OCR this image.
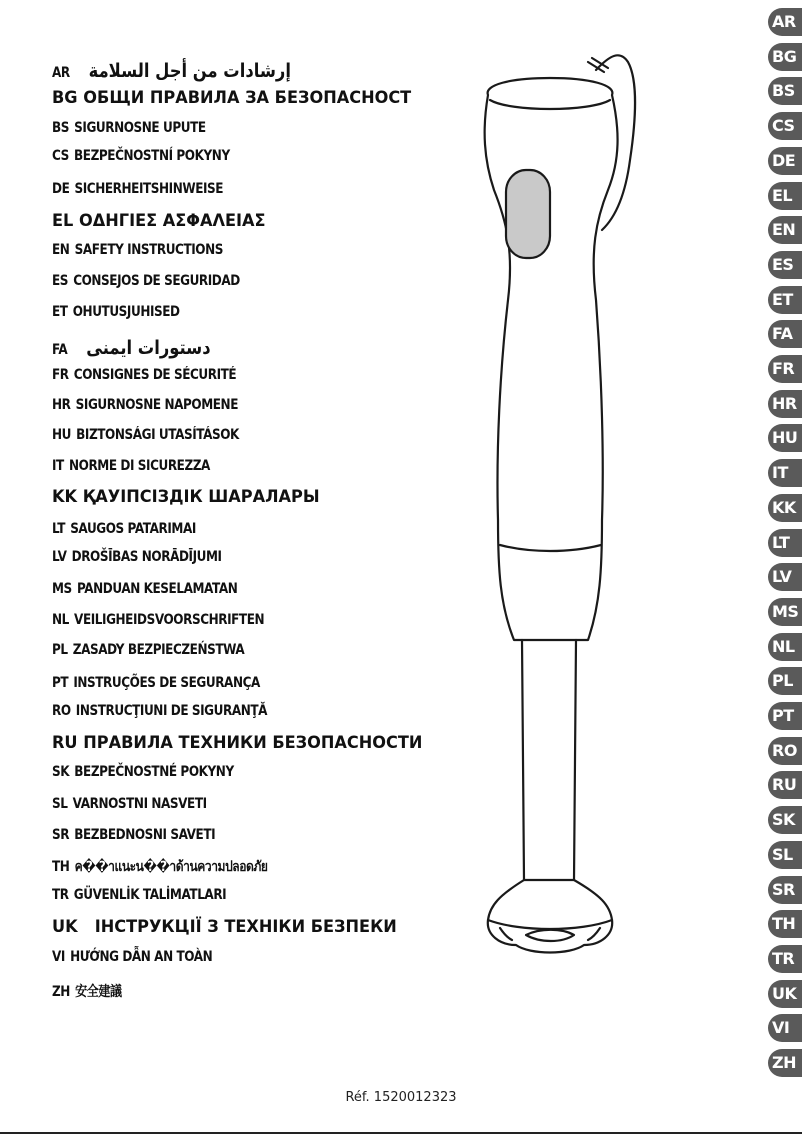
AR إرشادات من أجل السلامة
BG ОБЩИ ПРАВИЛА ЗА БЕЗОПАСНОСТ
BS SIGURNOSNE UPUTE
CS BEZPEČNOSTNÍ POKYNY
DE SICHERHEITSHINWEISE
EL ΟΔΗΓΙΕΣ ΑΣΦΑΛΕΙΑΣ
EN SAFETY INSTRUCTIONS
ES CONSEJOS DE SEGURIDAD
ET OHUTUSJUHISED
FA دستورات ایمنی
FR CONSIGNES DE SÉCURITÉ
HR SIGURNOSNE NAPOMENE
HU BIZTONSÁGI UTASÍTÁSOK
IT NORME DI SICUREZZA
KK ҚАУІПСІЗДІК ШАРАЛАРЫ
LT SAUGOS PATARIMAI
LV DROŠĪBAS NORĀDĪJUMI
MS PANDUAN KESELAMATAN
NL VEILIGHEIDSVOORSCHRIFTEN
PL ZASADY BEZPIECZEŃSTWA
PT INSTRUÇÕES DE SEGURANÇA
RO INSTRUCŢIUNI DE SIGURANŢĂ
RU ПРАВИЛА ТЕХНИКИ БЕЗОПАСНОСТИ
SK BEZPEČNOSTNÉ POKYNY
SL VARNOSTNI NASVETI
SR BEZBEDNOSNI SAVETI
TH ค��าแนะน��าด้านความปลอดภัย
TR GÜVENLİK TALİMATLARI
UK ІНСТРУКЦІЇ З ТЕХНІКИ БЕЗПЕКИ
VI HƯỚNG DẪN AN TOÀN
ZH 安全建議
AR
BG
BS
CS
DE
EL
EN
ES
ET
FA
FR
HR
HU
IT
KK
LT
LV
MS
NL
PL
PT
RO
RU
SK
SL
SR
TH
TR
UK
VI
ZH
Réf. 1520012323
